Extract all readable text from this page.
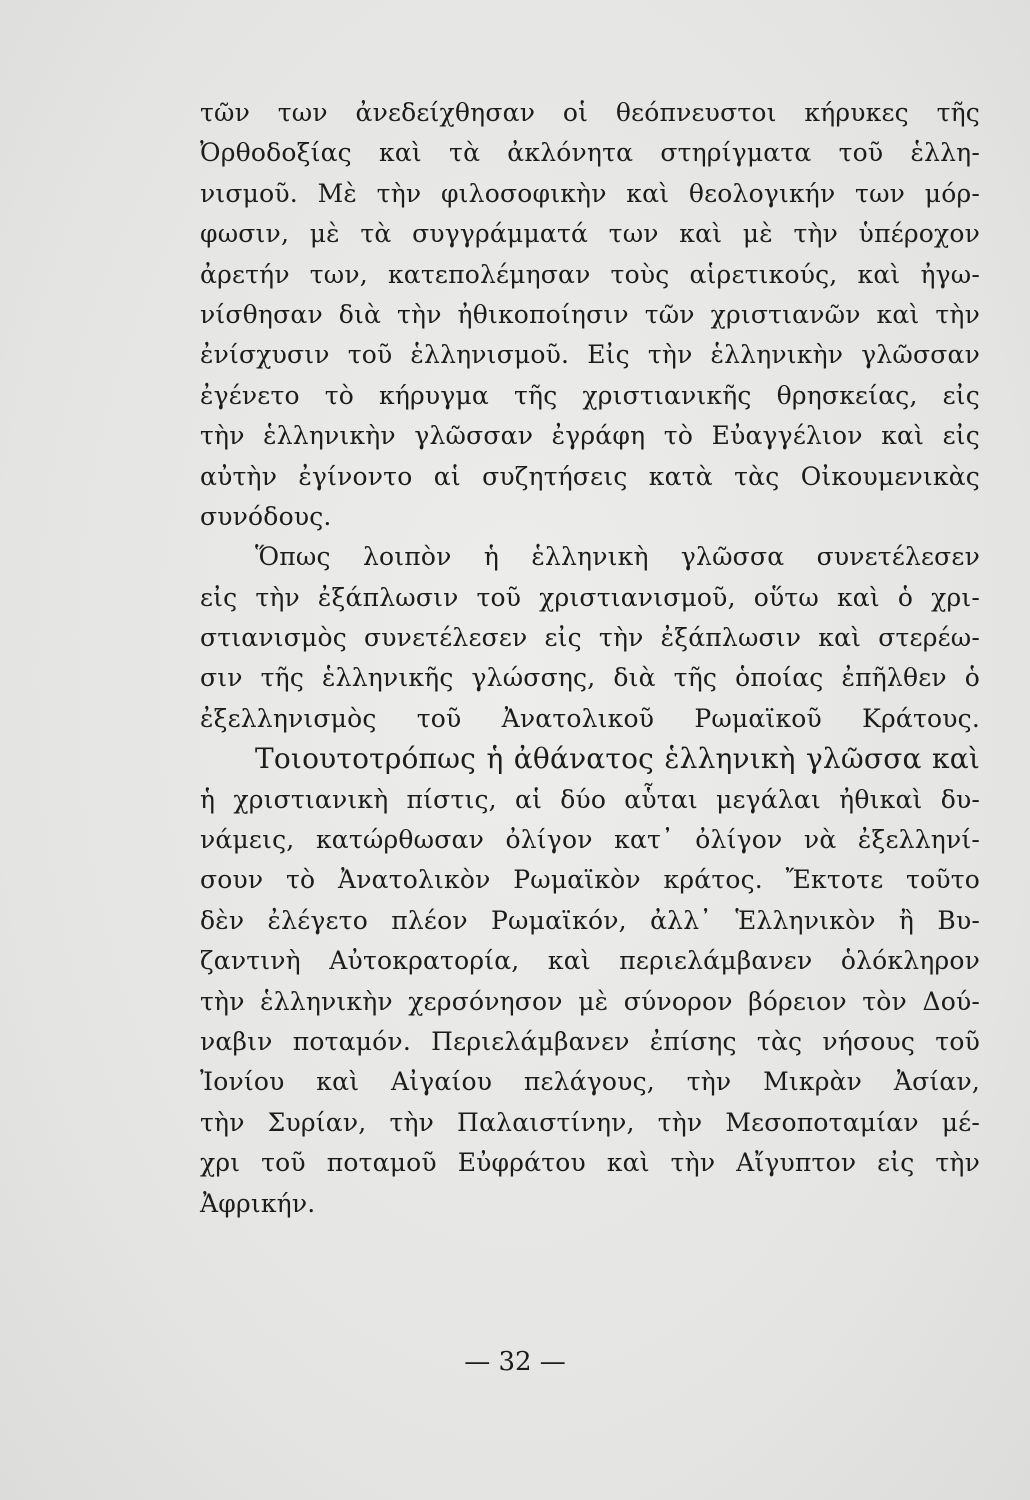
τῶν των ἀνεδείχθησαν οἱ θεόπνευστοι κήρυκες τῆς
Ὀρθοδοξίας καὶ τὰ ἀκλόνητα στηρίγματα τοῦ ἑλλη-
νισμοῦ. Μὲ τὴν φιλοσοφικὴν καὶ θεολογικήν των μόρ-
φωσιν, μὲ τὰ συγγράμματά των καὶ μὲ τὴν ὑπέροχον
ἀρετήν των, κατεπολέμησαν τοὺς αἱρετικούς, καὶ ἠγω-
νίσθησαν διὰ τὴν ἠθικοποίησιν τῶν χριστιανῶν καὶ τὴν
ἐνίσχυσιν τοῦ ἑλληνισμοῦ. Εἰς τὴν ἑλληνικὴν γλῶσσαν
ἐγένετο τὸ κήρυγμα τῆς χριστιανικῆς θρησκείας, εἰς
τὴν ἑλληνικὴν γλῶσσαν ἐγράφη τὸ Εὐαγγέλιον καὶ εἰς
αὐτὴν ἐγίνοντο αἱ συζητήσεις κατὰ τὰς Οἰκουμενικὰς
συνόδους.
Ὅπως λοιπὸν ἡ ἑλληνικὴ γλῶσσα συνετέλεσεν
εἰς τὴν ἐξάπλωσιν τοῦ χριστιανισμοῦ, οὕτω καὶ ὁ χρι-
στιανισμὸς συνετέλεσεν εἰς τὴν ἐξάπλωσιν καὶ στερέω-
σιν τῆς ἑλληνικῆς γλώσσης, διὰ τῆς ὁποίας ἐπῆλθεν ὁ
ἐξελληνισμὸς τοῦ Ἀνατολικοῦ Ρωμαϊκοῦ Κράτους.
Τοιουτοτρόπως ἡ ἀθάνατος ἑλληνικὴ γλῶσσα καὶ
ἡ χριστιανικὴ πίστις, αἱ δύο αὗται μεγάλαι ἠθικαὶ δυ-
νάμεις, κατώρθωσαν ὀλίγον κατ᾽ ὀλίγον νὰ ἐξελληνί-
σουν τὸ Ἀνατολικὸν Ρωμαϊκὸν κράτος. Ἔκτοτε τοῦτο
δὲν ἐλέγετο πλέον Ρωμαϊκόν, ἀλλ᾽ Ἑλληνικὸν ἢ Βυ-
ζαντινὴ Αὐτοκρατορία, καὶ περιελάμβανεν ὁλόκληρον
τὴν ἑλληνικὴν χερσόνησον μὲ σύνορον βόρειον τὸν Δού-
ναβιν ποταμόν. Περιελάμβανεν ἐπίσης τὰς νήσους τοῦ
Ἰονίου καὶ Αἰγαίου πελάγους, τὴν Μικρὰν Ἀσίαν,
τὴν Συρίαν, τὴν Παλαιστίνην, τὴν Μεσοποταμίαν μέ-
χρι τοῦ ποταμοῦ Εὐφράτου καὶ τὴν Αἴγυπτον εἰς τὴν
Ἀφρικήν.
— 32 —
